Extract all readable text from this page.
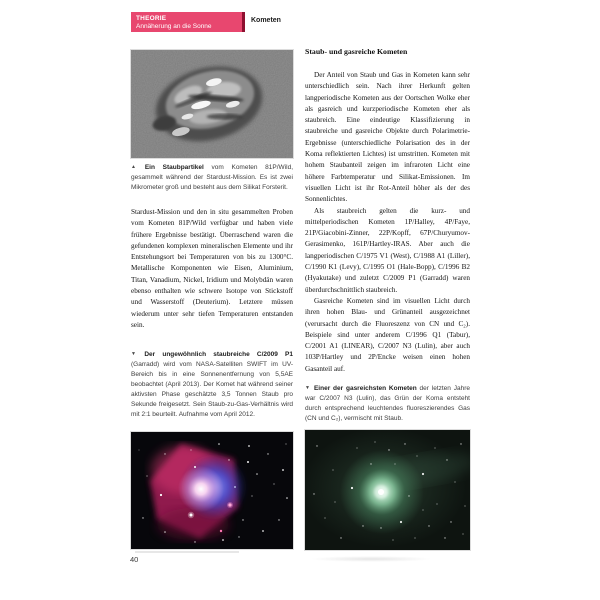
THEORIE
Annäherung an die Sonne
Kometen
▲ Ein Staubpartikel vom Kometen 81P/Wild, gesammelt während der Stardust-Mission. Es ist zwei Mikrometer groß und besteht aus dem Silikat Forsterit.
Stardust-Mission und den in situ gesammelten Proben vom Kometen 81P/Wild verfügbar und haben viele frühere Ergebnisse bestätigt. Überraschend waren die gefundenen komplexen mineralischen Elemente und ihr Entstehungsort bei Temperaturen von bis zu 1300°C. Metallische Komponenten wie Eisen, Aluminium, Titan, Vanadium, Nickel, Iridium und Molybdän waren ebenso enthalten wie schwere Isotope von Stickstoff und Wasserstoff (Deuterium). Letztere müssen wiederum unter sehr tiefen Temperaturen entstanden sein.
▼ Der ungewöhnlich staubreiche C/2009 P1 (Garradd) wird vom NASA-Satelliten SWIFT im UV-Bereich bis in eine Sonnenentfernung von 5,5AE beobachtet (April 2013). Der Komet hat während seiner aktivsten Phase geschätzte 3,5 Tonnen Staub pro Sekunde freigesetzt. Sein Staub-zu-Gas-Verhältnis wird mit 2:1 beurteilt. Aufnahme vom April 2012.
Staub- und gasreiche Kometen

Der Anteil von Staub und Gas in Kometen kann sehr unterschiedlich sein. Nach ihrer Herkunft gelten langperiodische Kometen aus der Oortschen Wolke eher als gasreich und kurzperiodische Kometen eher als staubreich. Eine eindeutige Klassifizierung in staubreiche und gasreiche Objekte durch Polarimetrie-Ergebnisse (unterschiedliche Polarisation des in der Koma reflektierten Lichtes) ist umstritten. Kometen mit hohem Staubanteil zeigen im infraroten Licht eine höhere Farbtemperatur und Silikat-Emissionen. Im visuellen Licht ist ihr Rot-Anteil höher als der des Sonnenlichtes.

Als staubreich gelten die kurz- und mittelperiodischen Kometen 1P/Halley, 4P/Faye, 21P/Giacobini-Zinner, 22P/Kopff, 67P/Churyumov-Gerasimenko, 161P/Hartley-IRAS. Aber auch die langperiodischen C/1975 V1 (West), C/1988 A1 (Liller), C/1990 K1 (Levy), C/1995 O1 (Hale-Bopp), C/1996 B2 (Hyakutake) und zuletzt C/2009 P1 (Garradd) waren überdurchschnittlich staubreich.

Gasreiche Kometen sind im visuellen Licht durch ihren hohen Blau- und Grünanteil ausgezeichnet (verursacht durch die Fluoreszenz von CN und C₂). Beispiele sind unter anderem C/1996 Q1 (Tabur), C/2001 A1 (LINEAR), C/2007 N3 (Lulin), aber auch 103P/Hartley und 2P/Encke weisen einen hohen Gasanteil auf.

▼ Einer der gasreichsten Kometen der letzten Jahre war C/2007 N3 (Lulin), das Grün der Koma entsteht durch entsprechend leuchtendes fluoreszierendes Gas (CN und C₂), vermischt mit Staub.
40
